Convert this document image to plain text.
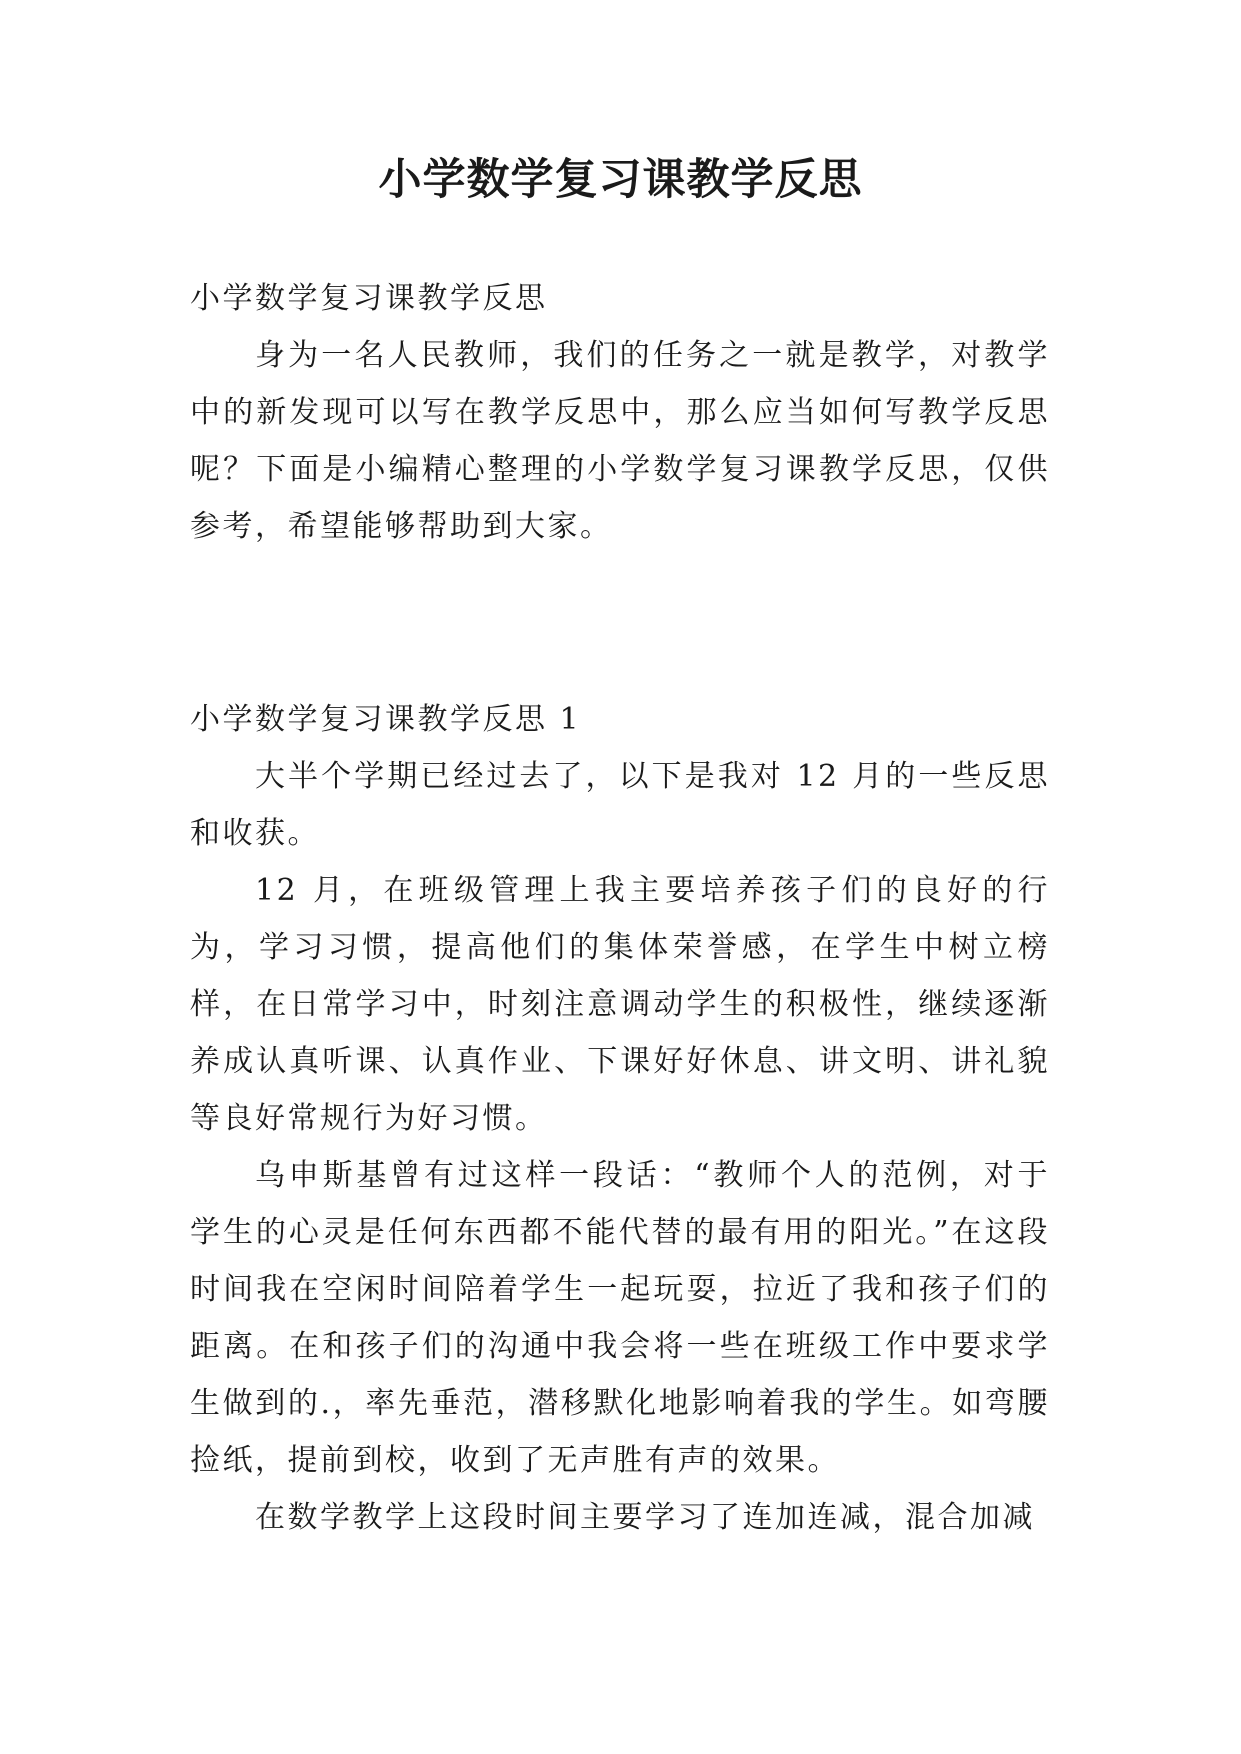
小学数学复习课教学反思

小学数学复习课教学反思

身为一名人民教师，我们的任务之一就是教学，对教学中的新发现可以写在教学反思中，那么应当如何写教学反思呢？下面是小编精心整理的小学数学复习课教学反思，仅供参考，希望能够帮助到大家。

小学数学复习课教学反思 1

大半个学期已经过去了，以下是我对 12 月的一些反思和收获。

12 月，在班级管理上我主要培养孩子们的良好的行为，学习习惯，提高他们的集体荣誉感，在学生中树立榜样，在日常学习中，时刻注意调动学生的积极性，继续逐渐养成认真听课、认真作业、下课好好休息、讲文明、讲礼貌等良好常规行为好习惯。

乌申斯基曾有过这样一段话：“教师个人的范例，对于学生的心灵是任何东西都不能代替的最有用的阳光。”在这段时间我在空闲时间陪着学生一起玩耍，拉近了我和孩子们的距离。在和孩子们的沟通中我会将一些在班级工作中要求学生做到的.，率先垂范，潜移默化地影响着我的学生。如弯腰捡纸，提前到校，收到了无声胜有声的效果。

在数学教学上这段时间主要学习了连加连减，混合加减
